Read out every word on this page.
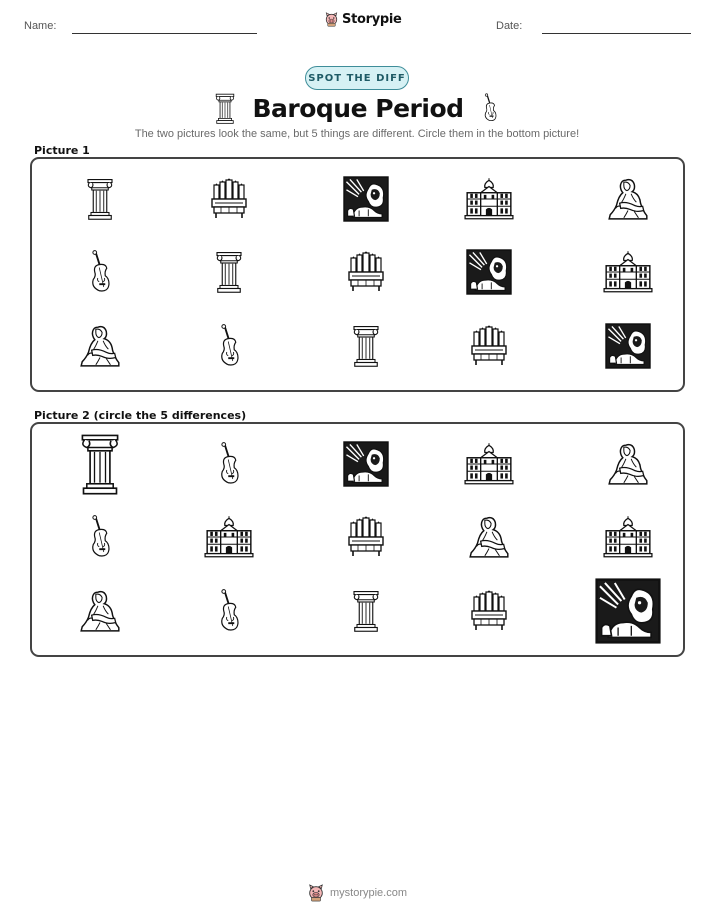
Name:	Storypie	Date:
SPOT THE DIFF
Baroque Period
The two pictures look the same, but 5 things are different. Circle them in the bottom picture!
Picture 1
Picture 2 (circle the 5 differences)
mystorypie.com
